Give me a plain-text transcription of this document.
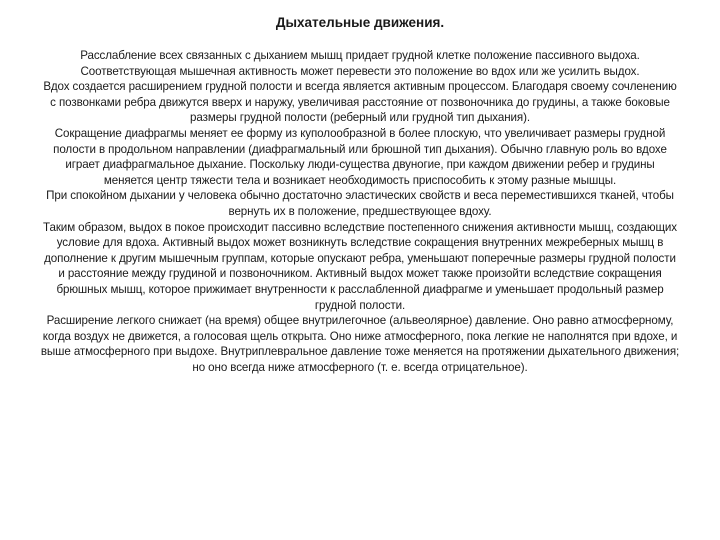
Дыхательные движения.

Расслабление всех связанных с дыханием мышц придает грудной клетке положение пассивного выдоха. Соответствующая мышечная активность может перевести это положение во вдох или же усилить выдох.

Вдох создается расширением грудной полости и всегда является активным процессом. Благодаря своему сочленению с позвонками ребра движутся вверх и наружу, увеличивая расстояние от позвоночника до грудины, а также боковые размеры грудной полости (реберный или грудной тип дыхания).

Сокращение диафрагмы меняет ее форму из куполообразной в более плоскую, что увеличивает размеры грудной полости в продольном направлении (диафрагмальный или брюшной тип дыхания). Обычно главную роль во вдохе играет диафрагмальное дыхание. Поскольку люди-существа двуногие, при каждом движении ребер и грудины меняется центр тяжести тела и возникает необходимость приспособить к этому разные мышцы.

При спокойном дыхании у человека обычно достаточно эластических свойств и веса переместившихся тканей, чтобы вернуть их в положение, предшествующее вдоху.

Таким образом, выдох в покое происходит пассивно вследствие постепенного снижения активности мышц, создающих условие для вдоха. Активный выдох может возникнуть вследствие сокращения внутренних межреберных мышц в дополнение к другим мышечным группам, которые опускают ребра, уменьшают поперечные размеры грудной полости и расстояние между грудиной и позвоночником. Активный выдох может также произойти вследствие сокращения брюшных мышц, которое прижимает внутренности к расслабленной диафрагме и уменьшает продольный размер грудной полости.

Расширение легкого снижает (на время) общее внутрилегочное (альвеолярное) давление. Оно равно атмосферному, когда воздух не движется, а голосовая щель открыта. Оно ниже атмосферного, пока легкие не наполнятся при вдохе, и выше атмосферного при выдохе. Внутриплевральное давление тоже меняется на протяжении дыхательного движения; но оно всегда ниже атмосферного (т. е. всегда отрицательное).
